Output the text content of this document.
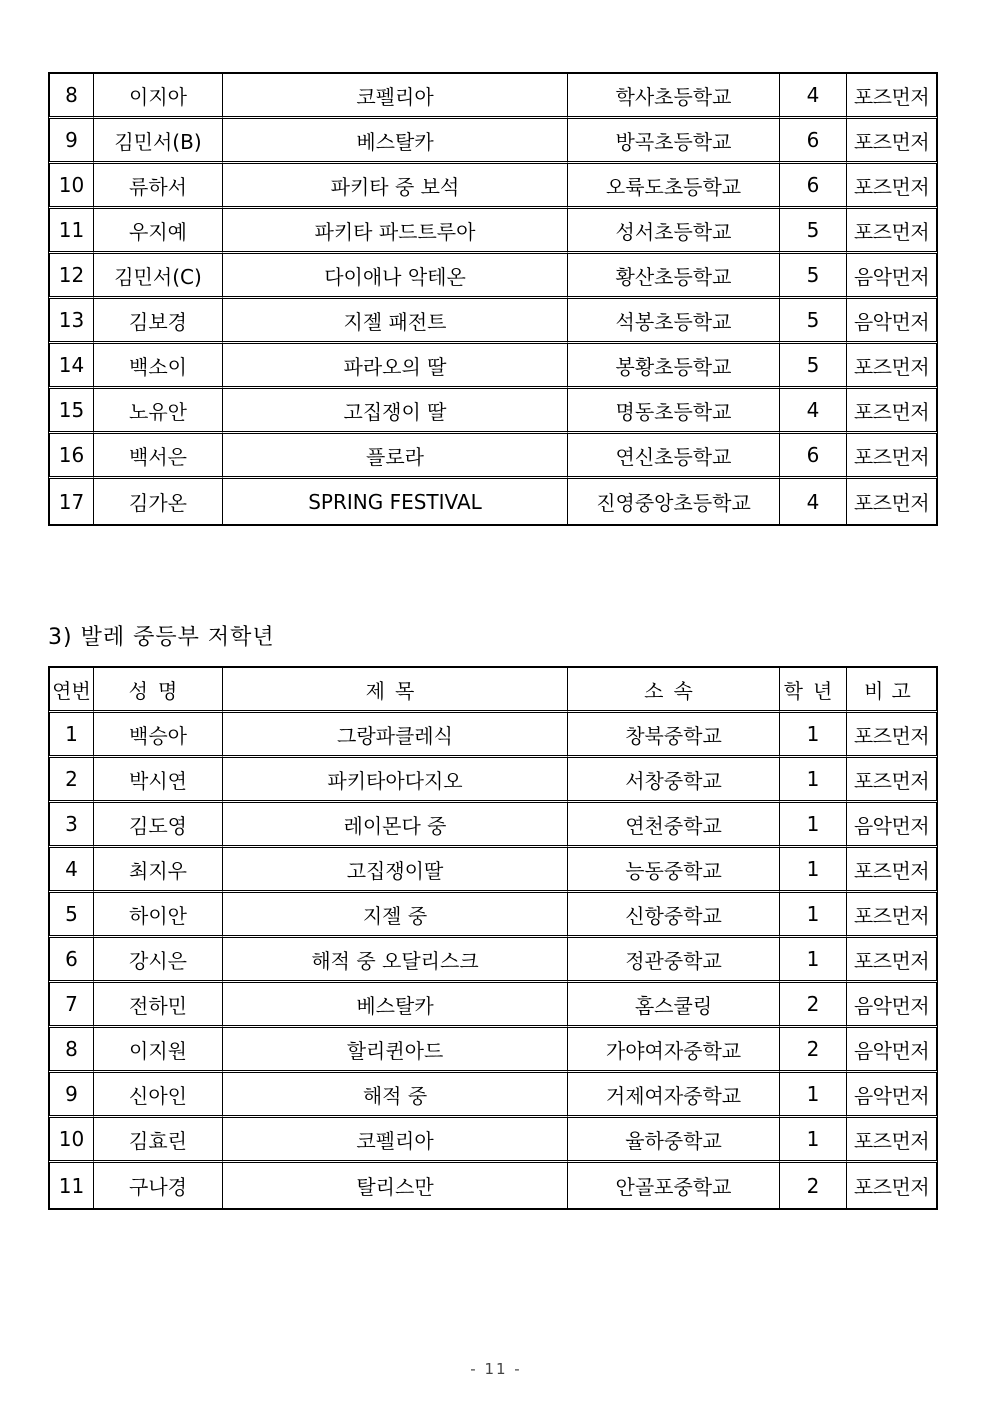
8	이지아	코펠리아	학사초등학교	4	포즈먼저
9	김민서(B)	베스탈카	방곡초등학교	6	포즈먼저
10	류하서	파키타 중 보석	오륙도초등학교	6	포즈먼저
11	우지예	파키타 파드트루아	성서초등학교	5	포즈먼저
12	김민서(C)	다이애나 악테온	황산초등학교	5	음악먼저
13	김보경	지젤 패전트	석봉초등학교	5	음악먼저
14	백소이	파라오의 딸	봉황초등학교	5	포즈먼저
15	노유안	고집쟁이 딸	명동초등학교	4	포즈먼저
16	백서은	플로라	연신초등학교	6	포즈먼저
17	김가온	SPRING FESTIVAL	진영중앙초등학교	4	포즈먼저
3) 발레 중등부 저학년
연번	성명	제목	소속	학년	비고
1	백승아	그랑파클레식	창북중학교	1	포즈먼저
2	박시연	파키타아다지오	서창중학교	1	포즈먼저
3	김도영	레이몬다 중	연천중학교	1	음악먼저
4	최지우	고집쟁이딸	능동중학교	1	포즈먼저
5	하이안	지젤 중	신항중학교	1	포즈먼저
6	강시은	해적 중 오달리스크	정관중학교	1	포즈먼저
7	전하민	베스탈카	홈스쿨링	2	음악먼저
8	이지원	할리퀸아드	가야여자중학교	2	음악먼저
9	신아인	해적 중	거제여자중학교	1	음악먼저
10	김효린	코펠리아	율하중학교	1	포즈먼저
11	구나경	탈리스만	안골포중학교	2	포즈먼저
- 11 -
